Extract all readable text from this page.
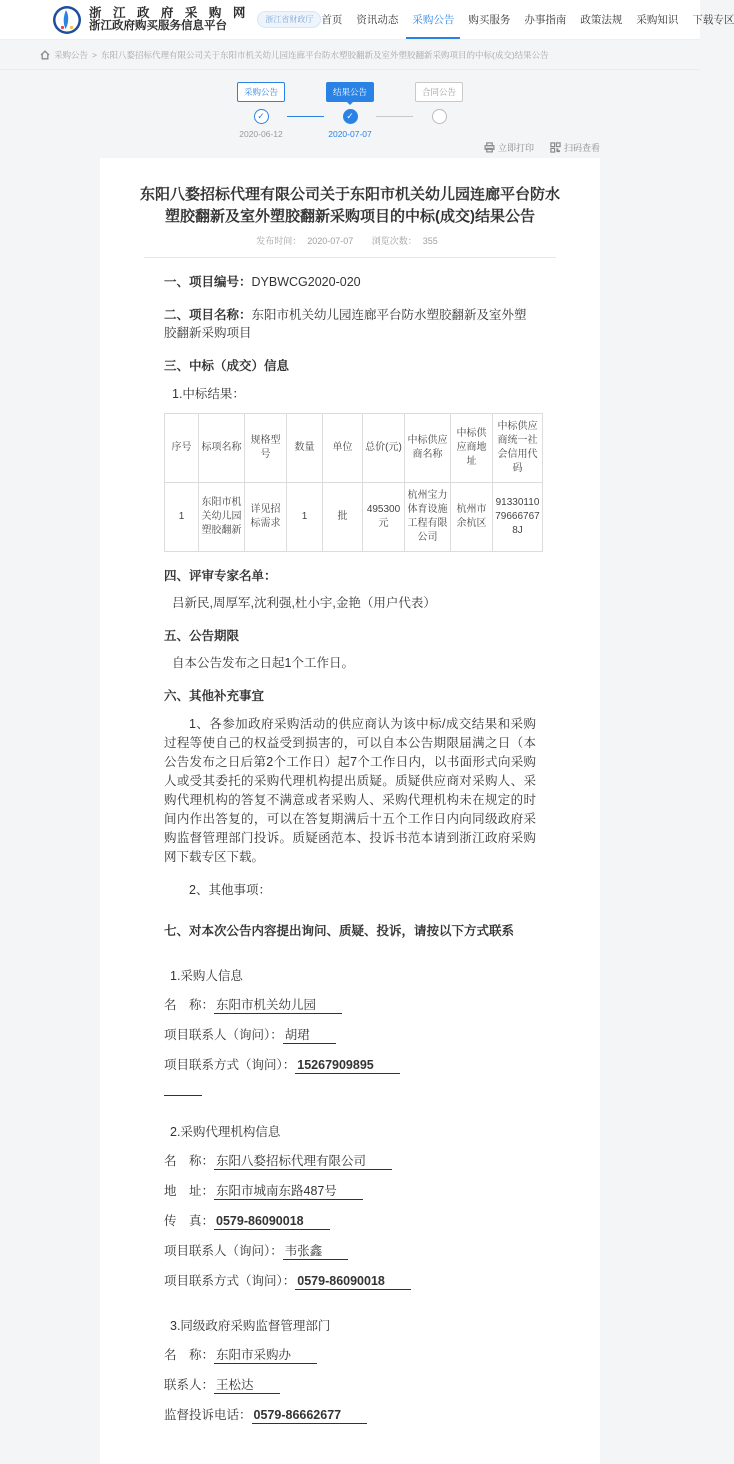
浙 江 政 府 采 购 网
浙江政府购买服务信息平台
浙江省财政厅 首页 资讯动态 采购公告 购买服务 办事指南 政策法规 采购知识 下载专区
采购公告 > 东阳八婺招标代理有限公司关于东阳市机关幼儿园连廊平台防水塑胶翻新及室外塑胶翻新采购项目的中标(成交)结果公告
采购公告	结果公告	合同公告
✓	✓
2020-06-12	2020-07-07
立即打印	扫码查看
东阳八婺招标代理有限公司关于东阳市机关幼儿园连廊平台防水塑胶翻新及室外塑胶翻新采购项目的中标(成交)结果公告
发布时间： 2020-07-07 浏览次数： 355
一、项目编号：DYBWCG2020-020
二、项目名称：东阳市机关幼儿园连廊平台防水塑胶翻新及室外塑胶翻新采购项目
三、中标（成交）信息
1.中标结果：
序号	标项名称	规格型号	数量	单位	总价(元)	中标供应商名称	中标供应商地址	中标供应商统一社会信用代码
1	东阳市机关幼儿园塑胶翻新	详见招标需求	1	批	495300元	杭州宝力体育设施工程有限公司	杭州市余杭区	91330110796667678J
四、评审专家名单：
吕新民,周厚军,沈利强,杜小宇,金艳（用户代表）
五、公告期限
自本公告发布之日起1个工作日。
六、其他补充事宜
1、各参加政府采购活动的供应商认为该中标/成交结果和采购过程等使自己的权益受到损害的，可以自本公告期限届满之日（本公告发布之日后第2个工作日）起7个工作日内，以书面形式向采购人或受其委托的采购代理机构提出质疑。质疑供应商对采购人、采购代理机构的答复不满意或者采购人、采购代理机构未在规定的时间内作出答复的，可以在答复期满后十五个工作日内向同级政府采购监督管理部门投诉。质疑函范本、投诉书范本请到浙江政府采购网下载专区下载。
2、其他事项：
七、对本次公告内容提出询问、质疑、投诉，请按以下方式联系
1.采购人信息
名　称： 东阳市机关幼儿园
项目联系人（询问）： 胡珺
项目联系方式（询问）： 15267909895
2.采购代理机构信息
名　称： 东阳八婺招标代理有限公司
地　址： 东阳市城南东路487号
传　真： 0579-86090018
项目联系人（询问）： 韦张鑫
项目联系方式（询问）： 0579-86090018
3.同级政府采购监督管理部门
名　称： 东阳市采购办
联系人： 王松达
监督投诉电话： 0579-86662677
